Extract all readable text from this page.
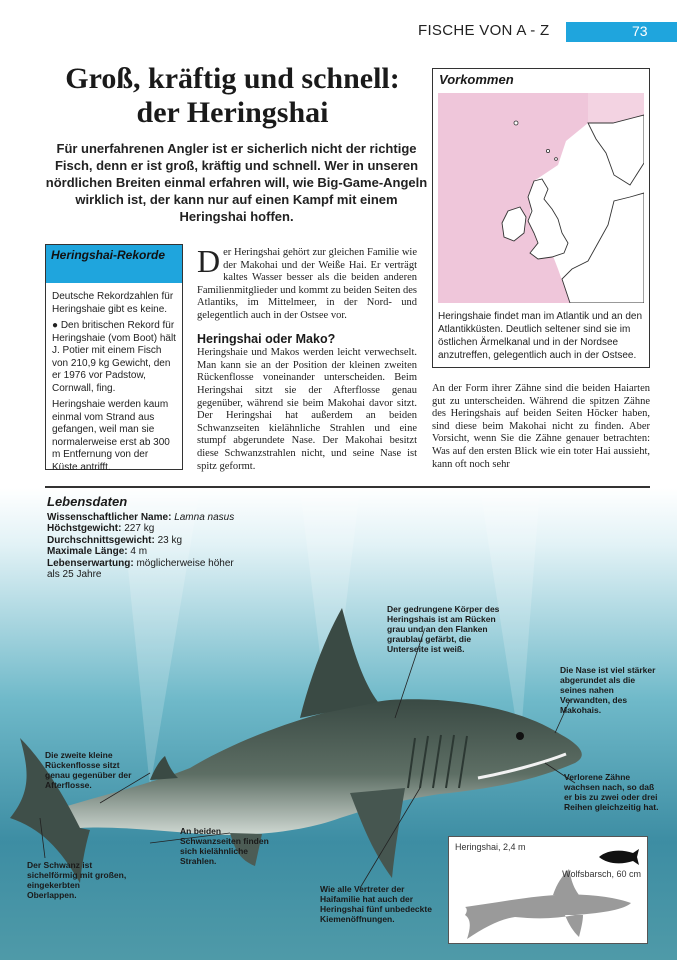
FISCHE VON A - Z	73
Groß, kräftig und schnell:
der Heringshai

Für unerfahrenen Angler ist er sicherlich nicht der richtige Fisch, denn er ist groß, kräftig und schnell. Wer in unseren nördlichen Breiten einmal erfahren will, wie Big-Game-Angeln wirklich ist, der kann nur auf einen Kampf mit einem Heringshai hoffen.

Vorkommen

Heringshaie findet man im Atlantik und an den Atlantikküsten. Deutlich seltener sind sie im östlichen Ärmelkanal und in der Nordsee anzutreffen, gelegentlich auch in der Ostsee.

Heringshai-Rekorde

Deutsche Rekordzahlen für Heringshaie gibt es keine.

● Den britischen Rekord für Heringshaie (vom Boot) hält J. Potier mit einem Fisch von 210,9 kg Gewicht, den er 1976 vor Padstow, Cornwall, fing.

Heringshaie werden kaum einmal vom Strand aus gefangen, weil man sie normalerweise erst ab 300 m Entfernung von der Küste antrifft.

Der Heringshai gehört zur gleichen Familie wie der Makohai und der Weiße Hai. Er verträgt kaltes Wasser besser als die beiden anderen Familienmitglieder und kommt zu beiden Seiten des Atlantiks, im Mittelmeer, in der Nord- und gelegentlich auch in der Ostsee vor.

Heringshai oder Mako?

Heringshaie und Makos werden leicht verwechselt. Man kann sie an der Position der kleinen zweiten Rückenflosse voneinander unterscheiden. Beim Heringshai sitzt sie der Afterflosse genau gegenüber, während sie beim Makohai davor sitzt. Der Heringshai hat außerdem an beiden Schwanzseiten kielähnliche Strahlen und eine stumpf abgerundete Nase. Der Makohai besitzt diese Schwanzstrahlen nicht, und seine Nase ist spitz geformt.

An der Form ihrer Zähne sind die beiden Haiarten gut zu unterscheiden. Während die spitzen Zähne des Heringshais auf beiden Seiten Höcker haben, sind diese beim Makohai nicht zu finden. Aber Vorsicht, wenn Sie die Zähne genauer betrachten: Was auf den ersten Blick wie ein toter Hai aussieht, kann oft noch sehr

Lebensdaten
Wissenschaftlicher Name: Lamna nasus
Höchstgewicht: 227 kg
Durchschnittsgewicht: 23 kg
Maximale Länge: 4 m
Lebenserwartung: möglicherweise höher als 25 Jahre

Der gedrungene Körper des Heringshais ist am Rücken grau und an den Flanken graublau gefärbt, die Unterseite ist weiß.

Die Nase ist viel stärker abgerundet als die seines nahen Verwandten, des Makohais.

Verlorene Zähne wachsen nach, so daß er bis zu zwei oder drei Reihen gleichzeitig hat.

Die zweite kleine Rückenflosse sitzt genau gegenüber der Afterflosse.

An beiden Schwanzseiten finden sich kielähnliche Strahlen.

Der Schwanz ist sichelförmig mit großen, eingekerbten Oberlappen.

Wie alle Vertreter der Haifamilie hat auch der Heringshai fünf unbedeckte Kiemenöffnungen.

Heringshai, 2,4 m
Wolfsbarsch, 60 cm
